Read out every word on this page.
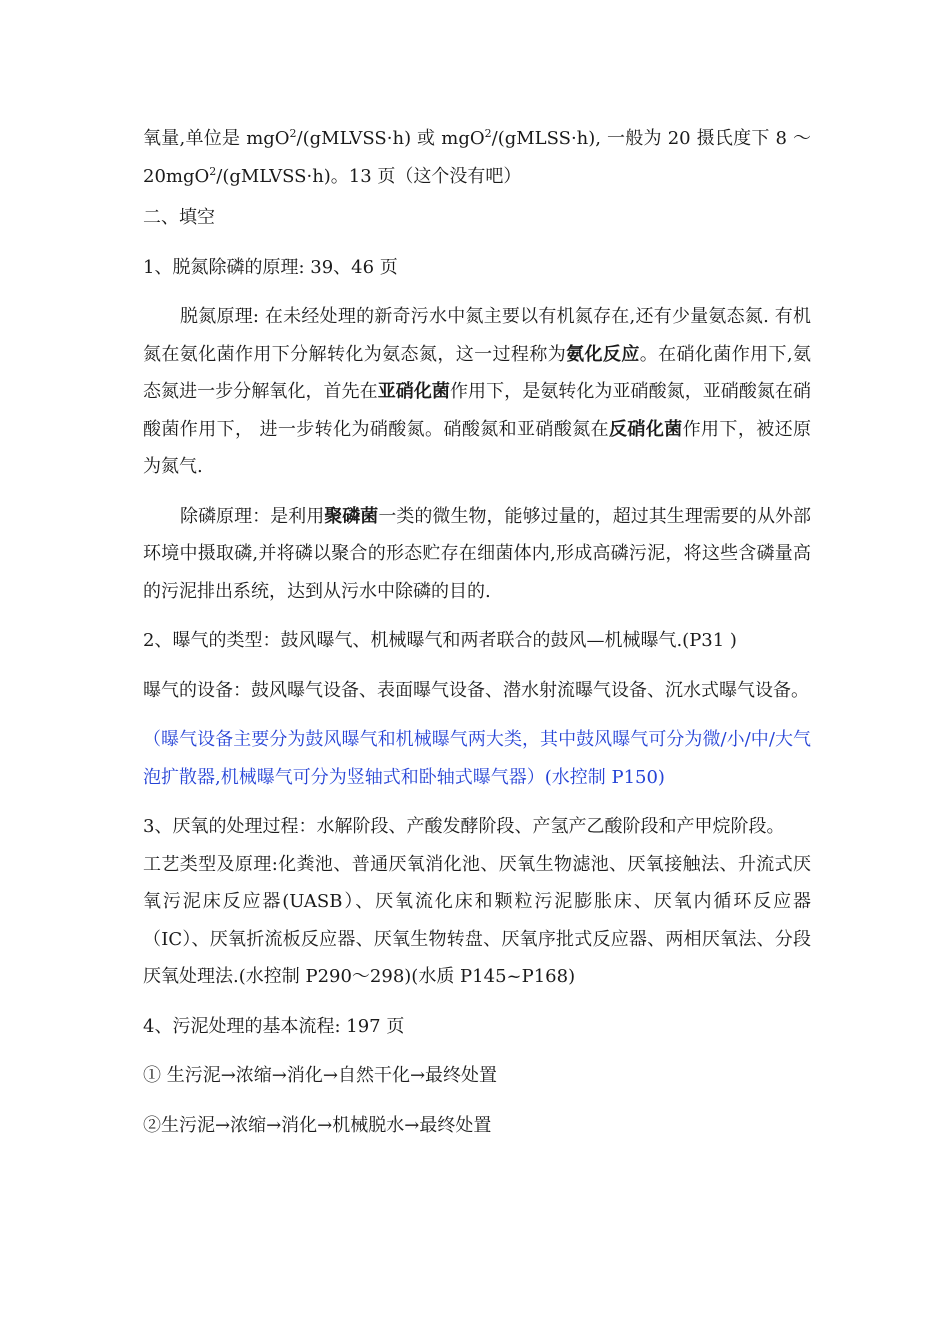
氧量,单位是 mgO$^2$/(gMLVSS·h) 或 mgO$^2$/(gMLSS·h), 一般为 20 摄氏度下 8 ～20mgO$^2$/(gMLVSS·h)。13 页（这个没有吧）

二、填空

1、脱氮除磷的原理: 39、46 页

脱氮原理: 在未经处理的新奇污水中氮主要以有机氮存在,还有少量氨态氮. 有机氮在氨化菌作用下分解转化为氨态氮，这一过程称为氨化反应。在硝化菌作用下,氨态氮进一步分解氧化，首先在亚硝化菌作用下，是氨转化为亚硝酸氮，亚硝酸氮在硝酸菌作用下， 进一步转化为硝酸氮。硝酸氮和亚硝酸氮在反硝化菌作用下，被还原为氮气.

除磷原理：是利用聚磷菌一类的微生物，能够过量的，超过其生理需要的从外部环境中摄取磷,并将磷以聚合的形态贮存在细菌体内,形成高磷污泥，将这些含磷量高的污泥排出系统，达到从污水中除磷的目的.

2、曝气的类型：鼓风曝气、机械曝气和两者联合的鼓风—机械曝气.(P31 )

曝气的设备：鼓风曝气设备、表面曝气设备、潜水射流曝气设备、沉水式曝气设备。

（曝气设备主要分为鼓风曝气和机械曝气两大类，其中鼓风曝气可分为微/小/中/大气泡扩散器,机械曝气可分为竖轴式和卧轴式曝气器）(水控制 P150)

3、厌氧的处理过程：水解阶段、产酸发酵阶段、产氢产乙酸阶段和产甲烷阶段。

工艺类型及原理:化粪池、普通厌氧消化池、厌氧生物滤池、厌氧接触法、升流式厌氧污泥床反应器(UASB）、厌氧流化床和颗粒污泥膨胀床、厌氧内循环反应器（IC）、厌氧折流板反应器、厌氧生物转盘、厌氧序批式反应器、两相厌氧法、分段厌氧处理法.(水控制 P290～298)(水质 P145~P168)

4、污泥处理的基本流程: 197 页

① 生污泥→浓缩→消化→自然干化→最终处置

②生污泥→浓缩→消化→机械脱水→最终处置
